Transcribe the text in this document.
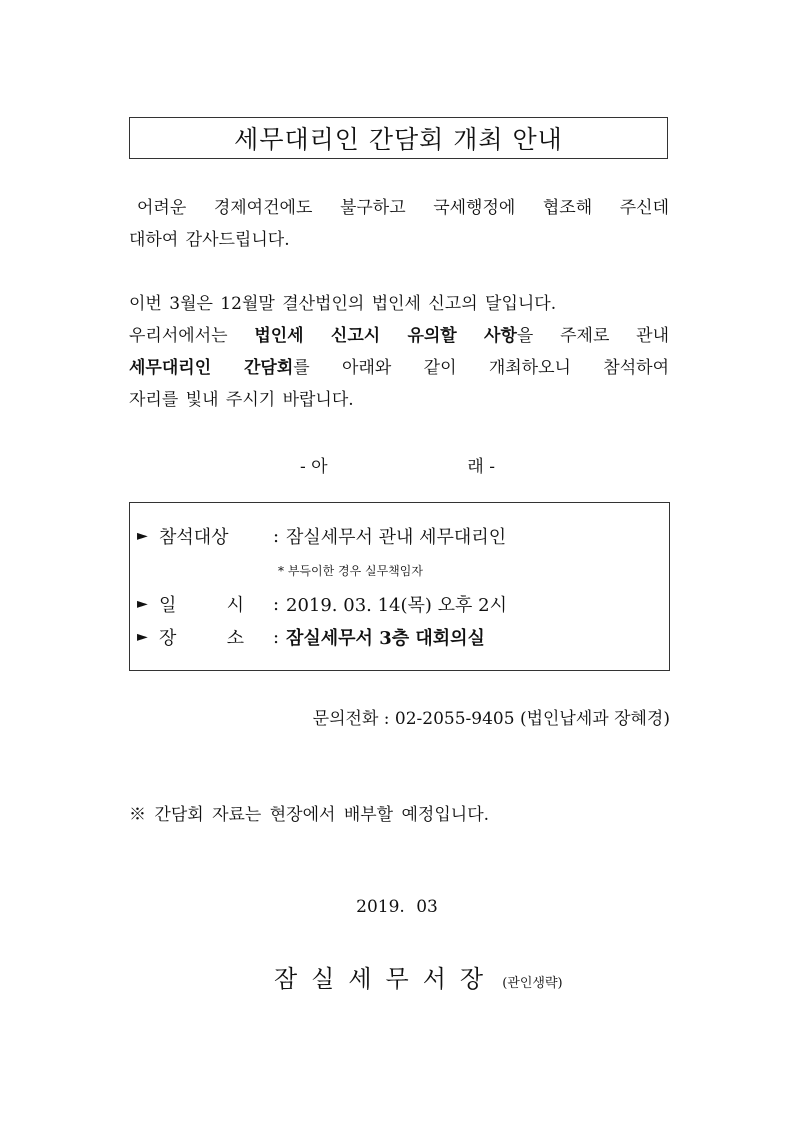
세무대리인 간담회 개최 안내
어려운 경제여건에도 불구하고 국세행정에 협조해 주신데
대하여 감사드립니다.
이번 3월은 12월말 결산법인의 법인세 신고의 달입니다.
우리서에서는 법인세 신고시 유의할 사항을 주제로 관내
세무대리인 간담회를 아래와 같이 개최하오니 참석하여
자리를 빛내 주시기 바랍니다.
- 아	래 -
► 참석대상	: 잠실세무서 관내 세무대리인
* 부득이한 경우 실무책임자
► 일	시	: 2019. 03. 14(목) 오후 2시
► 장	소	: 잠실세무서 3층 대회의실
문의전화 : 02-2055-9405 (법인납세과 장혜경)
※ 간담회 자료는 현장에서 배부할 예정입니다.
2019. 03
잠실세무서장 (관인생략)
